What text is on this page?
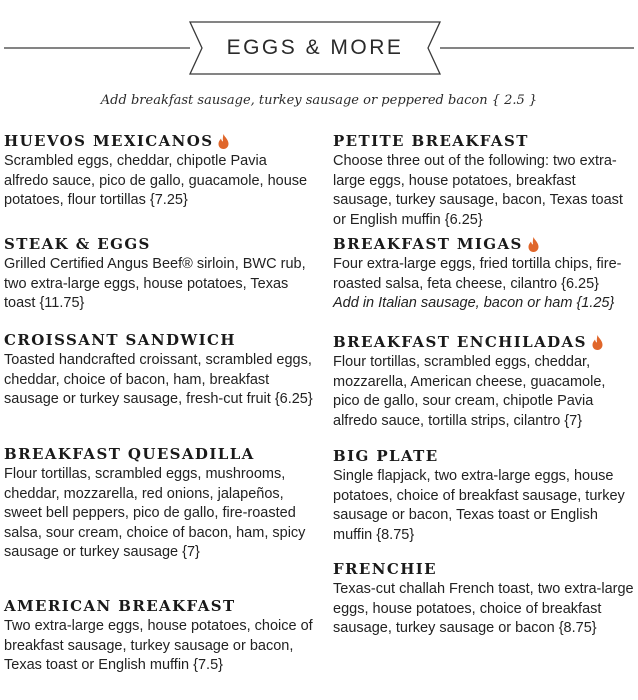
EGGS & MORE
Add breakfast sausage, turkey sausage or peppered bacon { 2.5 }
HUEVOS MEXICANOS
Scrambled eggs, cheddar, chipotle Pavia alfredo sauce, pico de gallo, guacamole, house potatoes, flour tortillas {7.25}
STEAK & EGGS
Grilled Certified Angus Beef® sirloin, BWC rub, two extra-large eggs, house potatoes, Texas toast {11.75}
CROISSANT SANDWICH
Toasted handcrafted croissant, scrambled eggs, cheddar, choice of bacon, ham, breakfast sausage or turkey sausage, fresh-cut fruit {6.25}
BREAKFAST QUESADILLA
Flour tortillas, scrambled eggs, mushrooms, cheddar, mozzarella, red onions, jalapeños, sweet bell peppers, pico de gallo, fire-roasted salsa, sour cream, choice of bacon, ham, spicy sausage or turkey sausage {7}
AMERICAN BREAKFAST
Two extra-large eggs, house potatoes, choice of breakfast sausage, turkey sausage or bacon, Texas toast or English muffin {7.5}
PETITE BREAKFAST
Choose three out of the following: two extra-large eggs, house potatoes, breakfast sausage, turkey sausage, bacon, Texas toast or English muffin {6.25}
BREAKFAST MIGAS
Four extra-large eggs, fried tortilla chips, fire-roasted salsa, feta cheese, cilantro {6.25}
Add in Italian sausage, bacon or ham {1.25}
BREAKFAST ENCHILADAS
Flour tortillas, scrambled eggs, cheddar, mozzarella, American cheese, guacamole, pico de gallo, sour cream, chipotle Pavia alfredo sauce, tortilla strips, cilantro {7}
BIG PLATE
Single flapjack, two extra-large eggs, house potatoes, choice of breakfast sausage, turkey sausage or bacon, Texas toast or English muffin {8.75}
FRENCHIE
Texas-cut challah French toast, two extra-large eggs, house potatoes, choice of breakfast sausage, turkey sausage or bacon {8.75}
